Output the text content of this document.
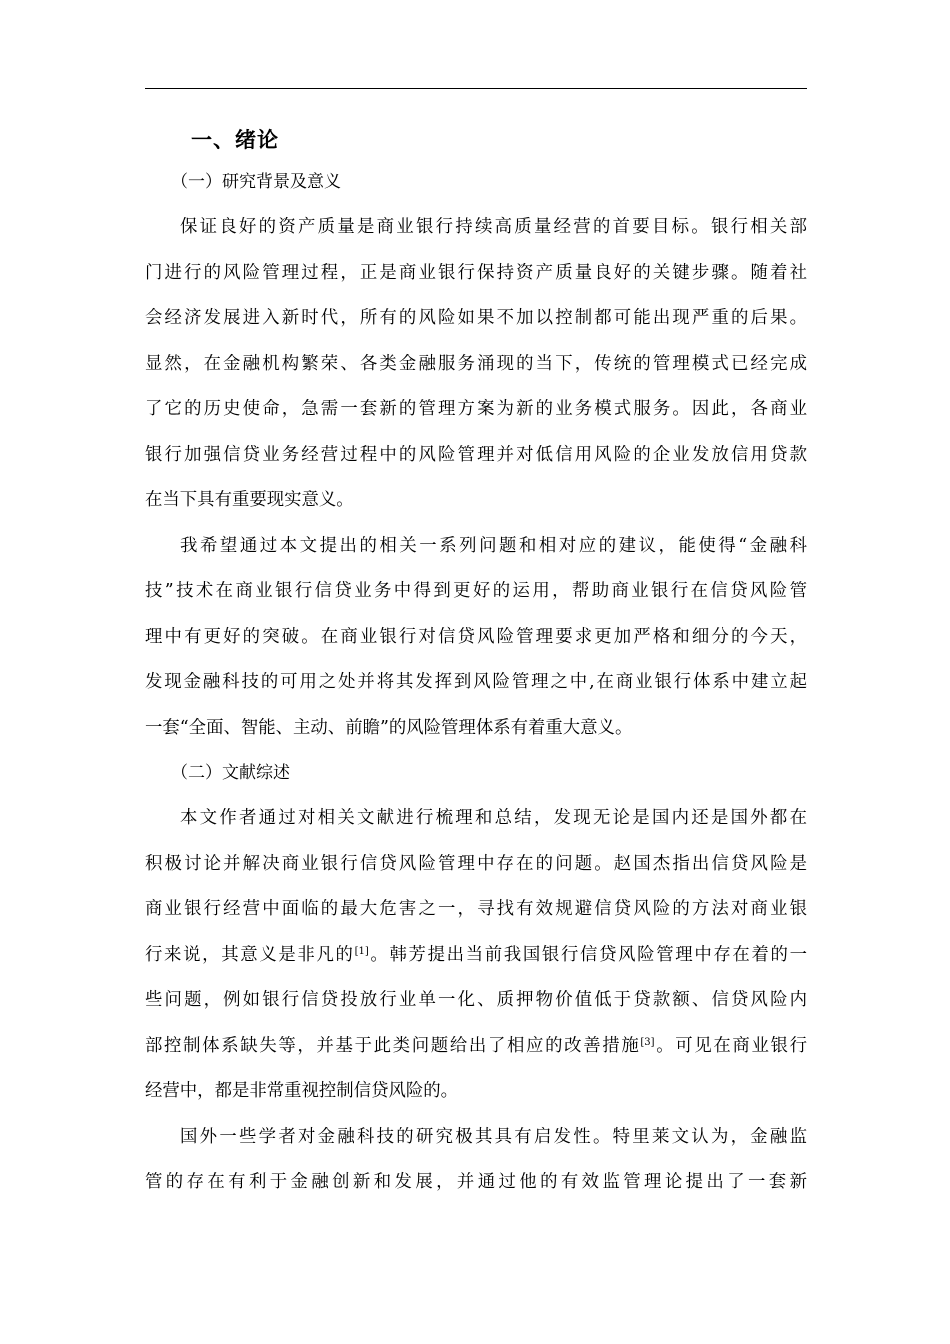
一、绪论
（一）研究背景及意义

保证良好的资产质量是商业银行持续高质量经营的首要目标。银行相关部
门进行的风险管理过程，正是商业银行保持资产质量良好的关键步骤。随着社
会经济发展进入新时代，所有的风险如果不加以控制都可能出现严重的后果。
显然，在金融机构繁荣、各类金融服务涌现的当下，传统的管理模式已经完成
了它的历史使命，急需一套新的管理方案为新的业务模式服务。因此，各商业
银行加强信贷业务经营过程中的风险管理并对低信用风险的企业发放信用贷款
在当下具有重要现实意义。

我希望通过本文提出的相关一系列问题和相对应的建议，能使得“金融科
技”技术在商业银行信贷业务中得到更好的运用，帮助商业银行在信贷风险管
理中有更好的突破。在商业银行对信贷风险管理要求更加严格和细分的今天，
发现金融科技的可用之处并将其发挥到风险管理之中,在商业银行体系中建立起
一套“全面、智能、主动、前瞻”的风险管理体系有着重大意义。

（二）文献综述

本文作者通过对相关文献进行梳理和总结，发现无论是国内还是国外都在
积极讨论并解决商业银行信贷风险管理中存在的问题。赵国杰指出信贷风险是
商业银行经营中面临的最大危害之一，寻找有效规避信贷风险的方法对商业银
行来说，其意义是非凡的[1]。韩芳提出当前我国银行信贷风险管理中存在着的一
些问题，例如银行信贷投放行业单一化、质押物价值低于贷款额、信贷风险内
部控制体系缺失等，并基于此类问题给出了相应的改善措施[3]。可见在商业银行
经营中，都是非常重视控制信贷风险的。

国外一些学者对金融科技的研究极其具有启发性。特里莱文认为，金融监
管的存在有利于金融创新和发展，并通过他的有效监管理论提出了一套新
